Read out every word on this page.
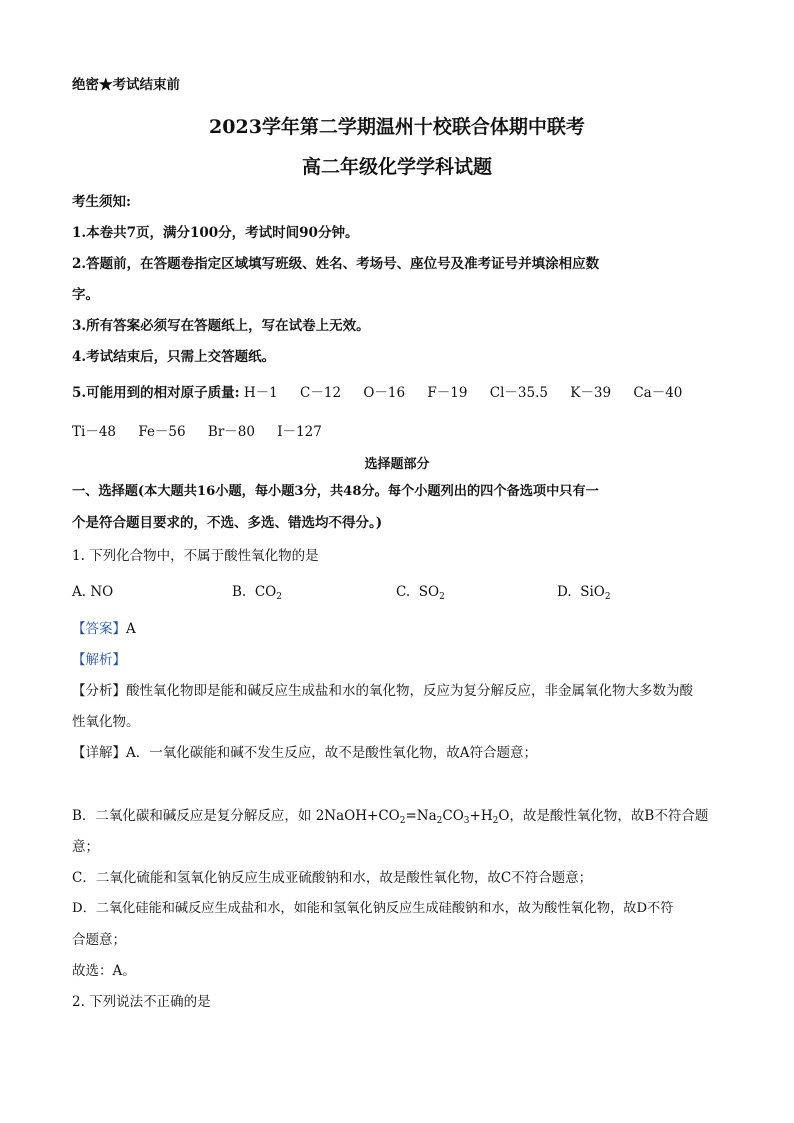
绝密★考试结束前
2023学年第二学期温州十校联合体期中联考
高二年级化学学科试题
考生须知:
1.本卷共7页，满分100分，考试时间90分钟。
2.答题前，在答题卷指定区域填写班级、姓名、考场号、座位号及准考证号并填涂相应数
字。
3.所有答案必须写在答题纸上，写在试卷上无效。
4.考试结束后，只需上交答题纸。
5.可能用到的相对原子质量: H－1 C－12 O－16 F－19 Cl－35.5 K－39 Ca－40
Ti－48 Fe－56 Br－80 I－127
选择题部分
一、选择题(本大题共16小题，每小题3分，共48分。每个小题列出的四个备选项中只有一
个是符合题目要求的，不选、多选、错选均不得分。)
1. 下列化合物中，不属于酸性氧化物的是
A. NO	B. $CO_2$	C. $SO_2$	D. SiO$_2$
【答案】A
【解析】
【分析】酸性氧化物即是能和碱反应生成盐和水的氧化物，反应为复分解反应，非金属氧化物大多数为酸
性氧化物。
【详解】A．一氧化碳能和碱不发生反应，故不是酸性氧化物，故A符合题意；
B．二氧化碳和碱反应是复分解反应，如 $2NaOH+CO_2=Na_2CO_3+H_2O$，故是酸性氧化物，故B不符合题
意；
C．二氧化硫能和氢氧化钠反应生成亚硫酸钠和水，故是酸性氧化物，故C不符合题意；
D．二氧化硅能和碱反应生成盐和水，如能和氢氧化钠反应生成硅酸钠和水，故为酸性氧化物，故D不符
合题意；
故选：A。
2. 下列说法不正确的是
